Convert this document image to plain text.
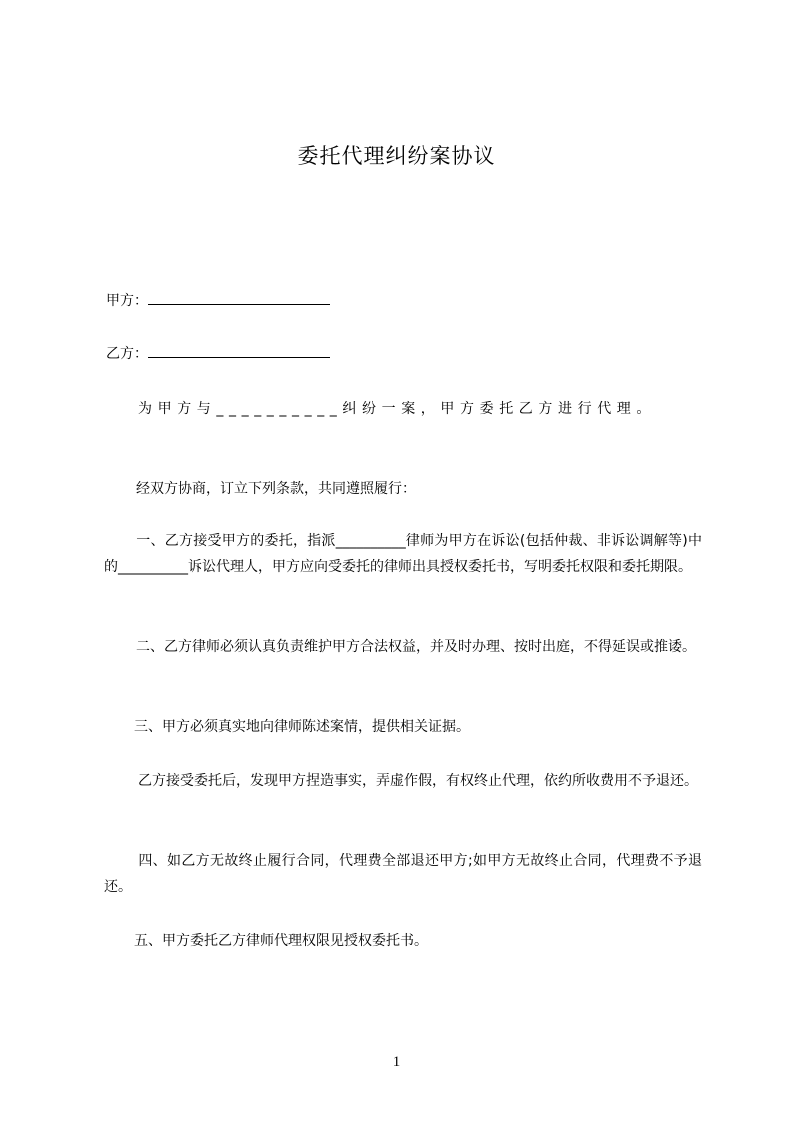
委托代理纠纷案协议
甲方：
乙方：
为甲方与__________纠纷一案，甲方委托乙方进行代理。
经双方协商，订立下列条款，共同遵照履行：
一、乙方接受甲方的委托，指派__________律师为甲方在诉讼(包括仲裁、非诉讼调解等)中的__________诉讼代理人，甲方应向受委托的律师出具授权委托书，写明委托权限和委托期限。
二、乙方律师必须认真负责维护甲方合法权益，并及时办理、按时出庭，不得延误或推诿。
三、甲方必须真实地向律师陈述案情，提供相关证据。
乙方接受委托后，发现甲方捏造事实，弄虚作假，有权终止代理，依约所收费用不予退还。
四、如乙方无故终止履行合同，代理费全部退还甲方;如甲方无故终止合同，代理费不予退还。
五、甲方委托乙方律师代理权限见授权委托书。
1
